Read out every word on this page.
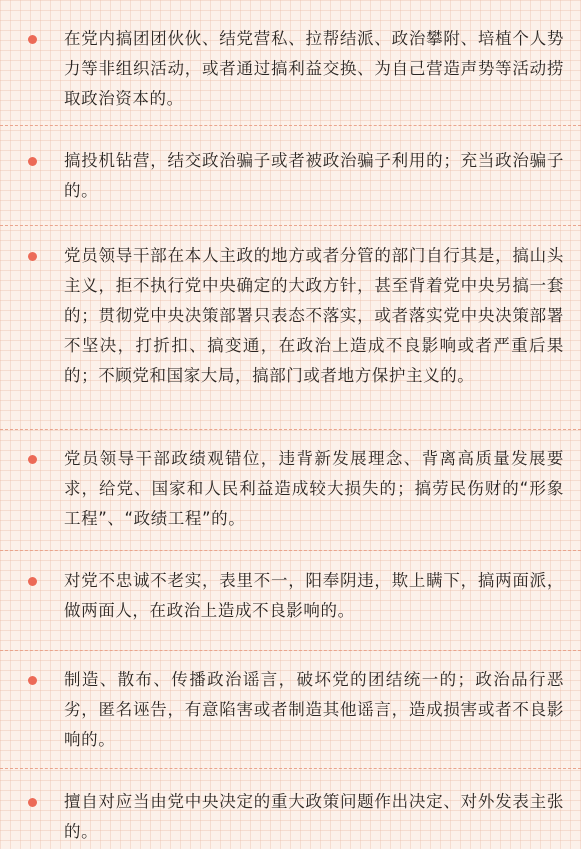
在党内搞团团伙伙、结党营私、拉帮结派、政治攀附、培植个人势力等非组织活动，或者通过搞利益交换、为自己营造声势等活动捞取政治资本的。
搞投机钻营，结交政治骗子或者被政治骗子利用的；充当政治骗子的。
党员领导干部在本人主政的地方或者分管的部门自行其是，搞山头主义，拒不执行党中央确定的大政方针，甚至背着党中央另搞一套的；贯彻党中央决策部署只表态不落实，或者落实党中央决策部署不坚决，打折扣、搞变通，在政治上造成不良影响或者严重后果的；不顾党和国家大局，搞部门或者地方保护主义的。
党员领导干部政绩观错位，违背新发展理念、背离高质量发展要求，给党、国家和人民利益造成较大损失的；搞劳民伤财的“形象工程”、“政绩工程”的。
对党不忠诚不老实，表里不一，阳奉阴违，欺上瞒下，搞两面派，做两面人，在政治上造成不良影响的。
制造、散布、传播政治谣言，破坏党的团结统一的；政治品行恶劣，匿名诬告，有意陷害或者制造其他谣言，造成损害或者不良影响的。
擅自对应当由党中央决定的重大政策问题作出决定、对外发表主张的。
